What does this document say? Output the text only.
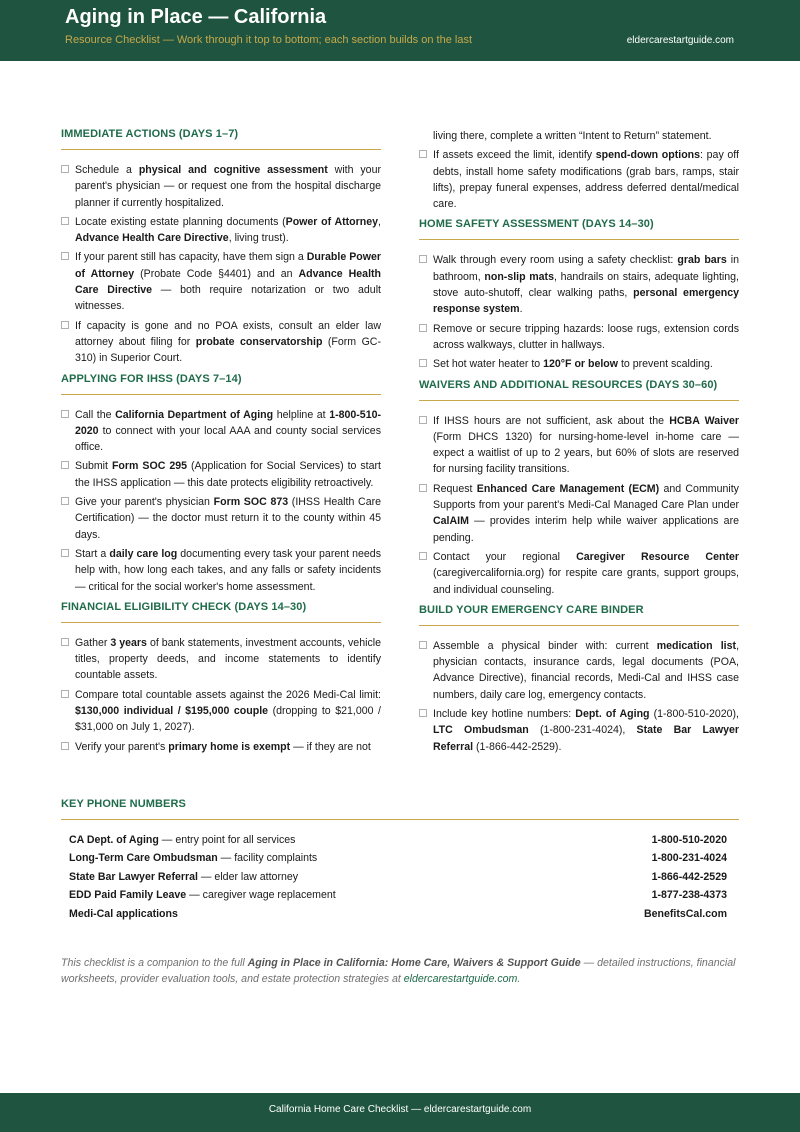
Aging in Place — California
Resource Checklist — Work through it top to bottom; each section builds on the last	eldercarestartguide.com
IMMEDIATE ACTIONS (DAYS 1–7)
Schedule a physical and cognitive assessment with your parent's physician — or request one from the hospital discharge planner if currently hospitalized.
Locate existing estate planning documents (Power of Attorney, Advance Health Care Directive, living trust).
If your parent still has capacity, have them sign a Durable Power of Attorney (Probate Code §4401) and an Advance Health Care Directive — both require notarization or two adult witnesses.
If capacity is gone and no POA exists, consult an elder law attorney about filing for probate conservatorship (Form GC-310) in Superior Court.
APPLYING FOR IHSS (DAYS 7–14)
Call the California Department of Aging helpline at 1-800-510-2020 to connect with your local AAA and county social services office.
Submit Form SOC 295 (Application for Social Services) to start the IHSS application — this date protects eligibility retroactively.
Give your parent's physician Form SOC 873 (IHSS Health Care Certification) — the doctor must return it to the county within 45 days.
Start a daily care log documenting every task your parent needs help with, how long each takes, and any falls or safety incidents — critical for the social worker's home assessment.
FINANCIAL ELIGIBILITY CHECK (DAYS 14–30)
Gather 3 years of bank statements, investment accounts, vehicle titles, property deeds, and income statements to identify countable assets.
Compare total countable assets against the 2026 Medi-Cal limit: $130,000 individual / $195,000 couple (dropping to $21,000 / $31,000 on July 1, 2027).
Verify your parent's primary home is exempt — if they are not
living there, complete a written “Intent to Return” statement.
If assets exceed the limit, identify spend-down options: pay off debts, install home safety modifications (grab bars, ramps, stair lifts), prepay funeral expenses, address deferred dental/medical care.
HOME SAFETY ASSESSMENT (DAYS 14–30)
Walk through every room using a safety checklist: grab bars in bathroom, non-slip mats, handrails on stairs, adequate lighting, stove auto-shutoff, clear walking paths, personal emergency response system.
Remove or secure tripping hazards: loose rugs, extension cords across walkways, clutter in hallways.
Set hot water heater to 120°F or below to prevent scalding.
WAIVERS AND ADDITIONAL RESOURCES (DAYS 30–60)
If IHSS hours are not sufficient, ask about the HCBA Waiver (Form DHCS 1320) for nursing-home-level in-home care — expect a waitlist of up to 2 years, but 60% of slots are reserved for nursing facility transitions.
Request Enhanced Care Management (ECM) and Community Supports from your parent's Medi-Cal Managed Care Plan under CalAIM — provides interim help while waiver applications are pending.
Contact your regional Caregiver Resource Center (caregivercalifornia.org) for respite care grants, support groups, and individual counseling.
BUILD YOUR EMERGENCY CARE BINDER
Assemble a physical binder with: current medication list, physician contacts, insurance cards, legal documents (POA, Advance Directive), financial records, Medi-Cal and IHSS case numbers, daily care log, emergency contacts.
Include key hotline numbers: Dept. of Aging (1-800-510-2020), LTC Ombudsman (1-800-231-4024), State Bar Lawyer Referral (1-866-442-2529).
KEY PHONE NUMBERS
CA Dept. of Aging — entry point for all services	1-800-510-2020
Long-Term Care Ombudsman — facility complaints	1-800-231-4024
State Bar Lawyer Referral — elder law attorney	1-866-442-2529
EDD Paid Family Leave — caregiver wage replacement	1-877-238-4373
Medi-Cal applications	BenefitsCal.com
This checklist is a companion to the full Aging in Place in California: Home Care, Waivers & Support Guide — detailed instructions, financial worksheets, provider evaluation tools, and estate protection strategies at eldercarestartguide.com.
California Home Care Checklist — eldercarestartguide.com
